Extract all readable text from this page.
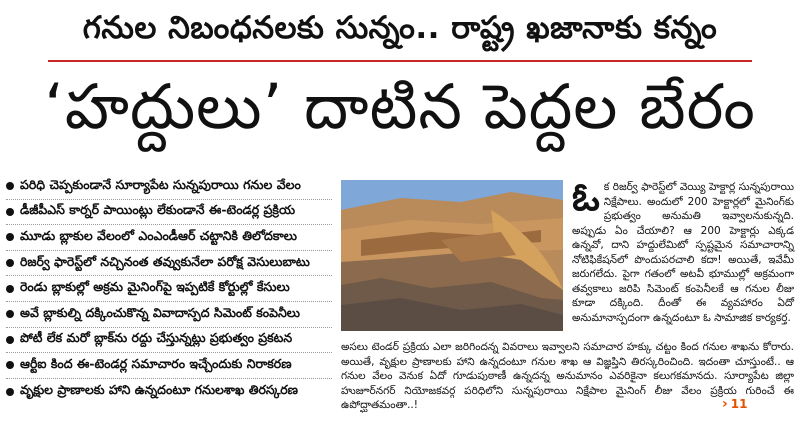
గనుల నిబంధనలకు సున్నం.. రాష్ట్ర ఖజానాకు కన్నం
‘హద్దులు’ దాటిన పెద్దల బేరం
పరిధి చెప్పకుండానే సూర్యాపేట సున్నపురాయి గనుల వేలం
డీజీపీఎస్ కార్నర్ పాయింట్లు లేకుండానే ఈ-టెండర్ల ప్రక్రియ
మూడు బ్లాకుల వేలంలో ఎంఎండీఆర్ చట్టానికి తిలోదకాలు
రిజర్వ్ ఫారెస్ట్‌లో నచ్చినంత తవ్వుకునేలా పరోక్ష వెసులుబాటు
రెండు బ్లాకుల్లో అక్రమ మైనింగ్‌పై ఇప్పటికే కోర్టుల్లో కేసులు
అవే బ్లాకుల్ని దక్కించుకొన్న వివాదాస్పద సిమెంట్ కంపెనీలు
పోటీ లేక మరో బ్లాక్‌ను రద్దు చేస్తున్నట్లు ప్రభుత్వం ప్రకటన
ఆర్టీఐ కింద ఈ-టెండర్ల సమాచారం ఇచ్చేందుకు నిరాకరణ
వృక్షుల ప్రాణాలకు హాని ఉన్నదంటూ గనులశాఖ తిరస్కరణ
ఓ క రిజర్వ్ ఫారెస్ట్‌లో వెయ్యి హెక్టార్ల సున్నపురాయి నిక్షేపాలు. అందులో 200 హెక్టార్లలో మైనింగ్‌కు ప్రభుత్వం అనుమతి ఇవ్వాలనుకున్నది. అప్పుడు ఏం చేయాలి? ఆ 200 హెక్టార్లు ఎక్కడ ఉన్నవో, దాని హద్దులేమిటో స్పష్టమైన సమాచారాన్ని నోటిఫికేషన్‌లో పొందుపరచాలి కదా! అయితే, ఇవేమీ జరుగలేదు. పైగా గతంలో అటవీ భూముల్లో అక్రమంగా తవ్వకాలు జరిపి సిమెంట్ కంపెనీలకే ఆ గనుల లీజు కూడా దక్కింది. దీంతో ఈ వ్యవహారం ఏదో అనుమానాస్పదంగా ఉన్నదంటూ ఓ సామాజిక కార్యకర్త.
అసలు టెండర్ ప్రక్రియ ఎలా జరిగిందన్న వివరాలు ఇవ్వాలని సమాచార హక్కు చట్టం కింద గనుల శాఖను కోరారు. అయితే, వృక్షుల ప్రాణాలకు హాని ఉన్నదంటూ గనుల శాఖ ఆ విజ్ఞప్తిని తిరస్కరించింది. ఇదంతా చూస్తుంటే.. ఆ గనుల వేలం వెనుక ఏదో గూడుపుఠాణీ ఉన్నదన్న అనుమానం ఎవరికైనా కలుగకమానదు. సూర్యాపేట జిల్లా హుజూర్‌నగర్ నియోజకవర్గ పరిధిలోని సున్నపురాయి నిక్షేపాల మైనింగ్ లీజు వేలం ప్రక్రియ గురించే ఈ ఉపోద్ఘాతమంతా..!	› 11
